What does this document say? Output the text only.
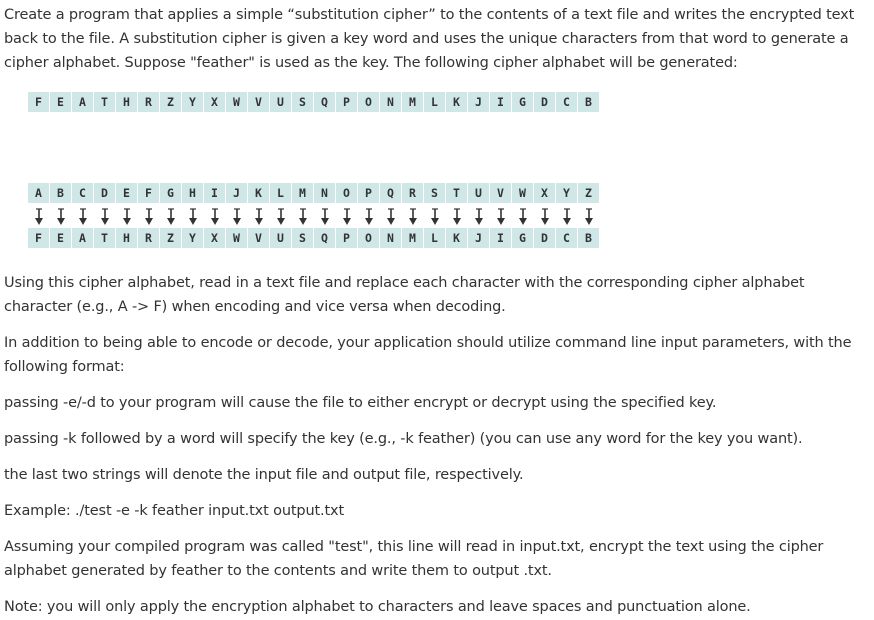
Create a program that applies a simple “substitution cipher” to the contents of a text file and writes the encrypted text back to the file. A substitution cipher is given a key word and uses the unique characters from that word to generate a cipher alphabet. Suppose "feather" is used as the key. The following cipher alphabet will be generated:
F	E	A	T	H	R	Z	Y	X	W	V	U	S	Q	P	O	N	M	L	K	J	I	G	D	C	B
A	B	C	D	E	F	G	H	I	J	K	L	M	N	O	P	Q	R	S	T	U	V	W	X	Y	Z
F	E	A	T	H	R	Z	Y	X	W	V	U	S	Q	P	O	N	M	L	K	J	I	G	D	C	B
Using this cipher alphabet, read in a text file and replace each character with the corresponding cipher alphabet character (e.g., A -> F) when encoding and vice versa when decoding.
In addition to being able to encode or decode, your application should utilize command line input parameters, with the following format:
passing -e/-d to your program will cause the file to either encrypt or decrypt using the specified key.
passing -k followed by a word will specify the key (e.g., -k feather) (you can use any word for the key you want).
the last two strings will denote the input file and output file, respectively.
Example: ./test -e -k feather input.txt output.txt
Assuming your compiled program was called "test", this line will read in input.txt, encrypt the text using the cipher alphabet generated by feather to the contents and write them to output .txt.
Note: you will only apply the encryption alphabet to characters and leave spaces and punctuation alone.
